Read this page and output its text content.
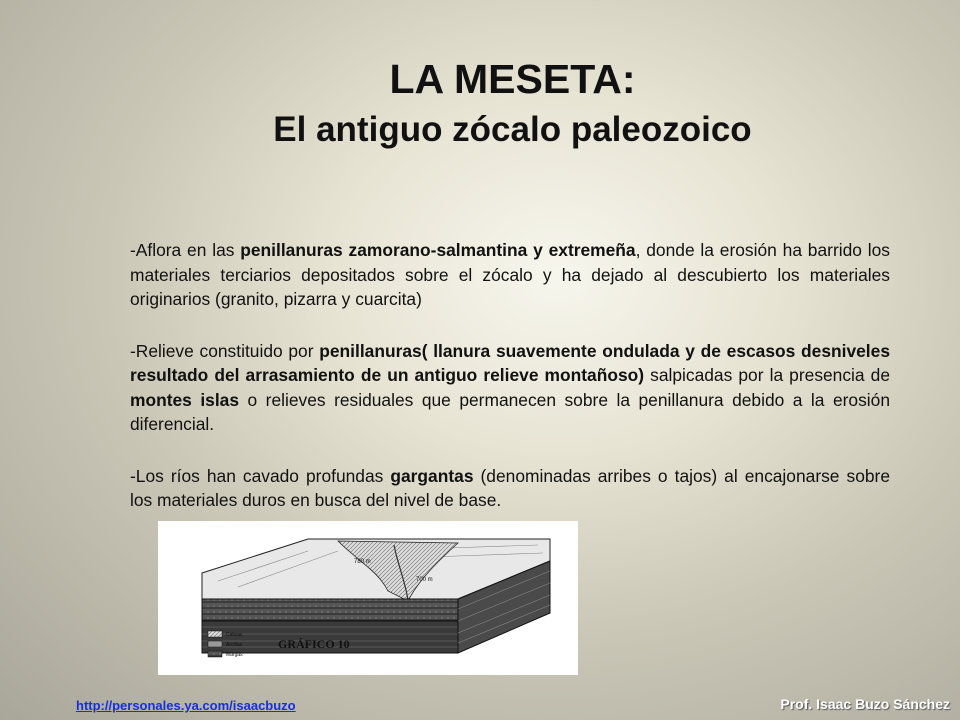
LA MESETA:
El antiguo zócalo paleozoico

-Aflora en las penillanuras zamorano-salmantina y extremeña, donde la erosión ha barrido los materiales terciarios depositados sobre el zócalo y ha dejado al descubierto los materiales originarios (granito, pizarra y cuarcita)

-Relieve constituido por penillanuras( llanura suavemente ondulada y de escasos desniveles resultado del arrasamiento de un antiguo relieve montañoso) salpicadas por la presencia de montes islas o relieves residuales que permanecen sobre la penillanura debido a la erosión diferencial.

-Los ríos han cavado profundas gargantas (denominadas arribes o tajos) al encajonarse sobre los materiales duros en busca del nivel de base.

780 m
700 m
Calizas
Arcillas
Margas
GRÁFICO 10
http://personales.ya.com/isaacbuzo	Prof. Isaac Buzo Sánchez
